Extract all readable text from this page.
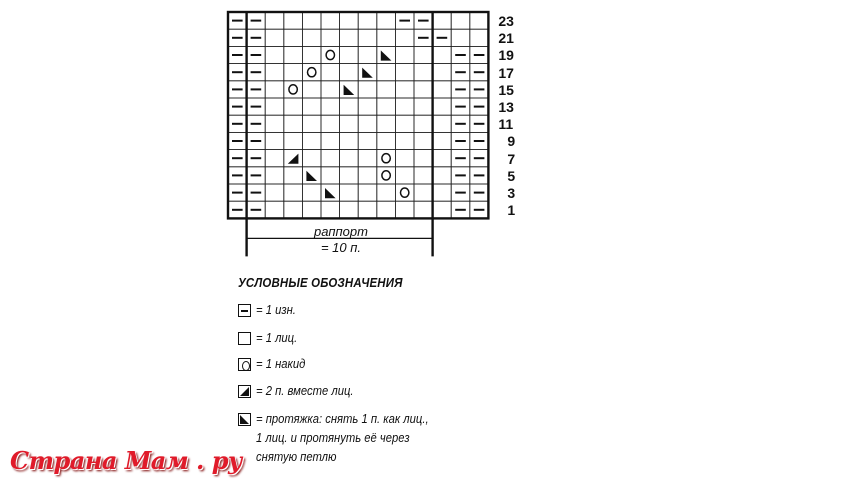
23
21
19
17
15
13
11
9
7
5
3
1
раппорт
= 10 п.
УСЛОВНЫЕ ОБОЗНАЧЕНИЯ
= 1 изн.
= 1 лиц.
= 1 накид
= 2 п. вместе лиц.
= протяжка: снять 1 п. как лиц., 1 лиц. и протянуть её через снятую петлю
Страна Мам . ру
